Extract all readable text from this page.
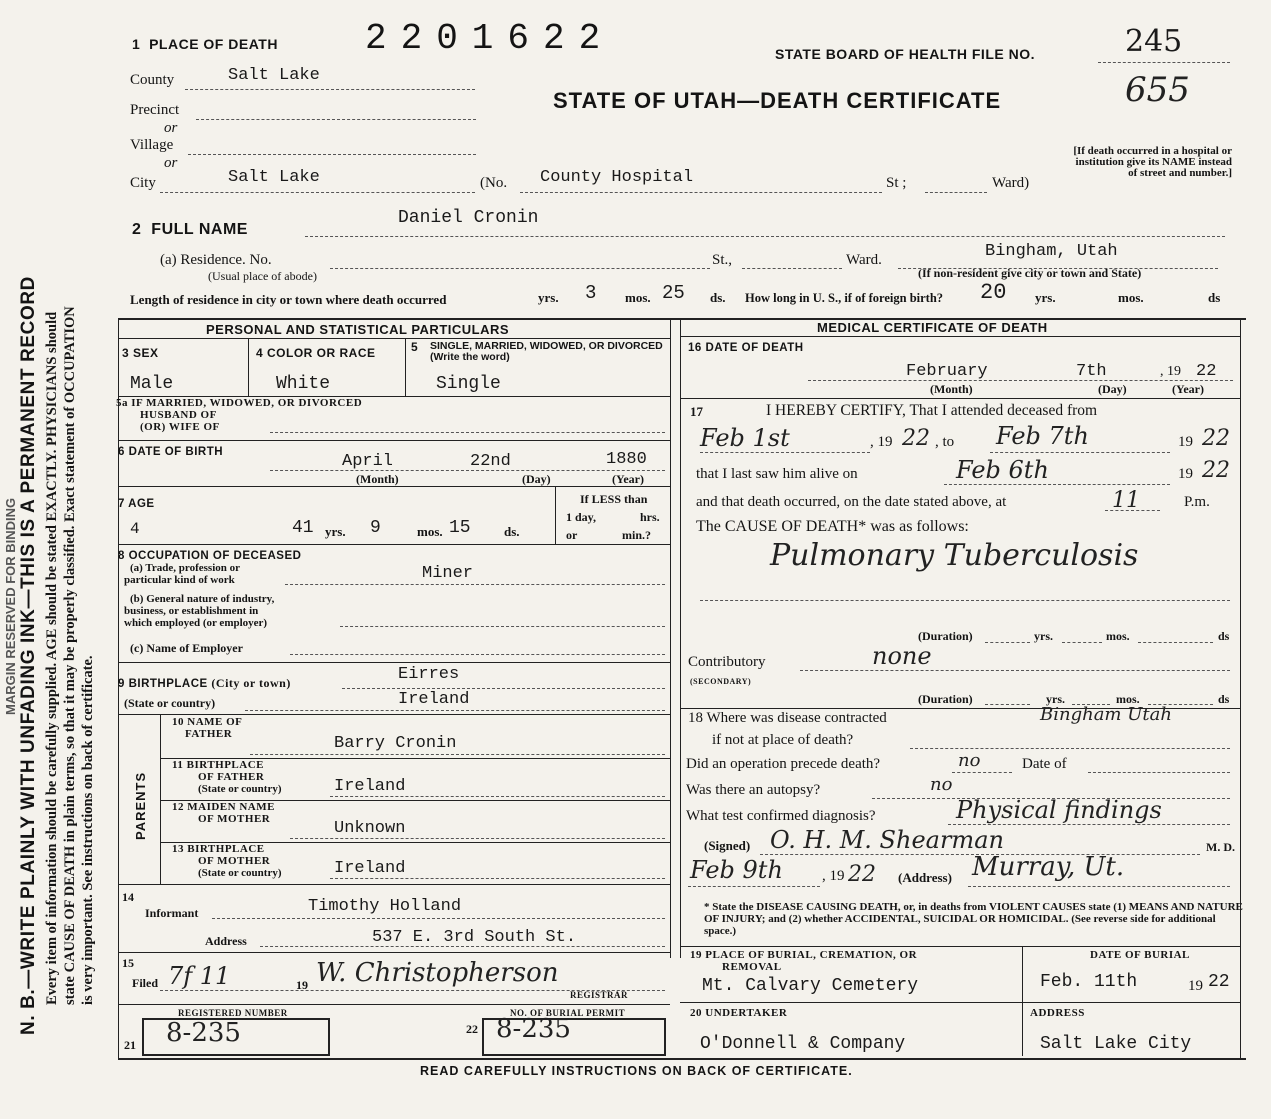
MARGIN RESERVED FOR BINDING N. B.—WRITE PLAINLY WITH UNFADING INK—THIS IS A PERMANENT RECORD Every item of information should be carefully supplied. AGE should be stated EXACTLY. PHYSICIANS should state CAUSE OF DEATH in plain terms, so that it may be properly classified. Exact statement of OCCUPATION is very important. See instructions on back of certificate.
1 PLACE OF DEATH 2201622	STATE BOARD OF HEALTH FILE NO.	245
STATE OF UTAH—DEATH CERTIFICATE	655
County	Salt Lake
Precinct
or
Village
or
City	Salt Lake	(No. County Hospital	St ;	Ward)
[If death occurred in a hospital or institution give its NAME instead of street and number.]
2 FULL NAME
Daniel Cronin
(a) Residence. No.
(Usual place of abode)
St.,	Ward.	Bingham, Utah
(If non-resident give city or town and State)
Length of residence in city or town where death occurred	yrs. 3 mos. 25 ds. How long in U. S., if of foreign birth? 20 yrs.	mos.	ds
PERSONAL AND STATISTICAL PARTICULARS
3 SEX
Male
4 COLOR OR RACE
White
5 SINGLE, MARRIED, WIDOWED, OR DIVORCED (Write the word)
Single
5a IF MARRIED, WIDOWED, OR DIVORCED
HUSBAND OF
(OR) WIFE OF
6 DATE OF BIRTH	April	22nd	1880
(Month)	(Day)	(Year)
7 AGE
4	41 yrs. 9	mos. 15	ds.
If LESS than
1 day,	hrs.
or	min.?
8 OCCUPATION OF DECEASED
(a) Trade, profession or
particular kind of work	Miner
(b) General nature of industry,
business, or establishment in
which employed (or employer)
(c) Name of Employer
9 BIRTHPLACE (City or town)	Eirres
(State or country)	Ireland
PARENTS
10 NAME OF
FATHER	Barry Cronin
11 BIRTHPLACE
OF FATHER
(State or country)	Ireland
12 MAIDEN NAME
OF MOTHER	Unknown
13 BIRTHPLACE
OF MOTHER
(State or country)	Ireland
14
Informant	Timothy Holland
Address	537 E. 3rd South St.
15
Filed 7f 11	19 W. Christopherson
REGISTRAR
REGISTERED NUMBER
21 8-235
NO. OF BURIAL PERMIT
22 8-235
MEDICAL CERTIFICATE OF DEATH
16 DATE OF DEATH
February	7th	, 19 22
(Month)	(Day)	(Year)
17	I HEREBY CERTIFY, That I attended deceased from
Feb 1st	, 19 22 , to Feb 7th	19 22
that I last saw him alive on	Feb 6th	19 22
and that death occurred, on the date stated above, at	11	P.m.
The CAUSE OF DEATH* was as follows:
Pulmonary Tuberculosis
(Duration)	yrs.	mos.	ds
Contributory
(SECONDARY)
none
(Duration)	yrs.	mos.	ds
18 Where was disease contracted
if not at place of death?
Bingham Utah
Did an operation precede death?	no	Date of
Was there an autopsy?	no
What test confirmed diagnosis?	Physical findings
(Signed) O. H. M. Shearman	M. D.
Feb 9th	, 19 22 (Address) Murray, Ut.
* State the DISEASE CAUSING DEATH, or, in deaths from VIOLENT CAUSES state (1) MEANS AND NATURE OF INJURY; and (2) whether ACCIDENTAL, SUICIDAL OR HOMICIDAL. (See reverse side for additional space.)
19 PLACE OF BURIAL, CREMATION, OR
REMOVAL
Mt. Calvary Cemetery
DATE OF BURIAL
Feb. 11th	19 22
20 UNDERTAKER
O'Donnell & Company
ADDRESS
Salt Lake City
READ CAREFULLY INSTRUCTIONS ON BACK OF CERTIFICATE.
